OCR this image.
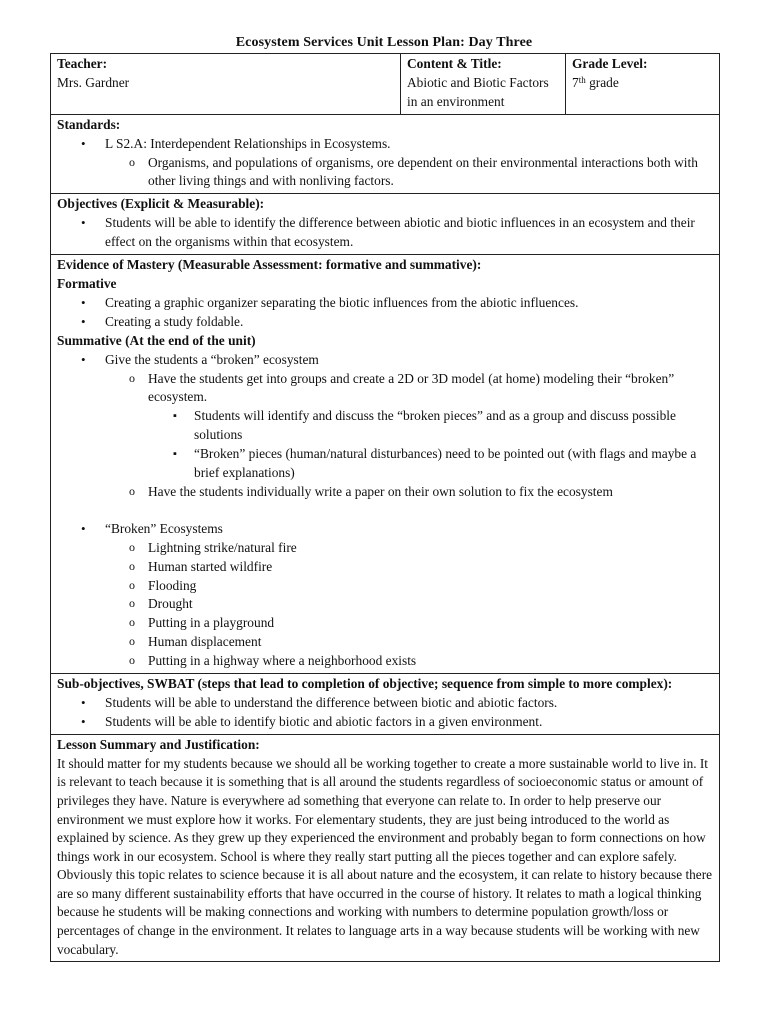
Ecosystem Services Unit Lesson Plan: Day Three
Teacher:
Mrs. Gardner

Content & Title:
Abiotic and Biotic Factors in an environment

Grade Level:
7th grade

Standards:
• L S2.A: Interdependent Relationships in Ecosystems.
o Organisms, and populations of organisms, ore dependent on their environmental interactions both with other living things and with nonliving factors.

Objectives (Explicit & Measurable):
• Students will be able to identify the difference between abiotic and biotic influences in an ecosystem and their effect on the organisms within that ecosystem.

Evidence of Mastery (Measurable Assessment: formative and summative):
Formative
• Creating a graphic organizer separating the biotic influences from the abiotic influences.
• Creating a study foldable.
Summative (At the end of the unit)
• Give the students a “broken” ecosystem
o Have the students get into groups and create a 2D or 3D model (at home) modeling their “broken” ecosystem.
▪ Students will identify and discuss the “broken pieces” and as a group and discuss possible solutions
▪ “Broken” pieces (human/natural disturbances) need to be pointed out (with flags and maybe a brief explanations)
o Have the students individually write a paper on their own solution to fix the ecosystem
• “Broken” Ecosystems
o Lightning strike/natural fire
o Human started wildfire
o Flooding
o Drought
o Putting in a playground
o Human displacement
o Putting in a highway where a neighborhood exists

Sub-objectives, SWBAT (steps that lead to completion of objective; sequence from simple to more complex):
• Students will be able to understand the difference between biotic and abiotic factors.
• Students will be able to identify biotic and abiotic factors in a given environment.

Lesson Summary and Justification:
It should matter for my students because we should all be working together to create a more sustainable world to live in. It is relevant to teach because it is something that is all around the students regardless of socioeconomic status or amount of privileges they have. Nature is everywhere ad something that everyone can relate to. In order to help preserve our environment we must explore how it works. For elementary students, they are just being introduced to the world as explained by science. As they grew up they experienced the environment and probably began to form connections on how things work in our ecosystem. School is where they really start putting all the pieces together and can explore safely. Obviously this topic relates to science because it is all about nature and the ecosystem, it can relate to history because there are so many different sustainability efforts that have occurred in the course of history. It relates to math a logical thinking because he students will be making connections and working with numbers to determine population growth/loss or percentages of change in the environment. It relates to language arts in a way because students will be working with new vocabulary.
